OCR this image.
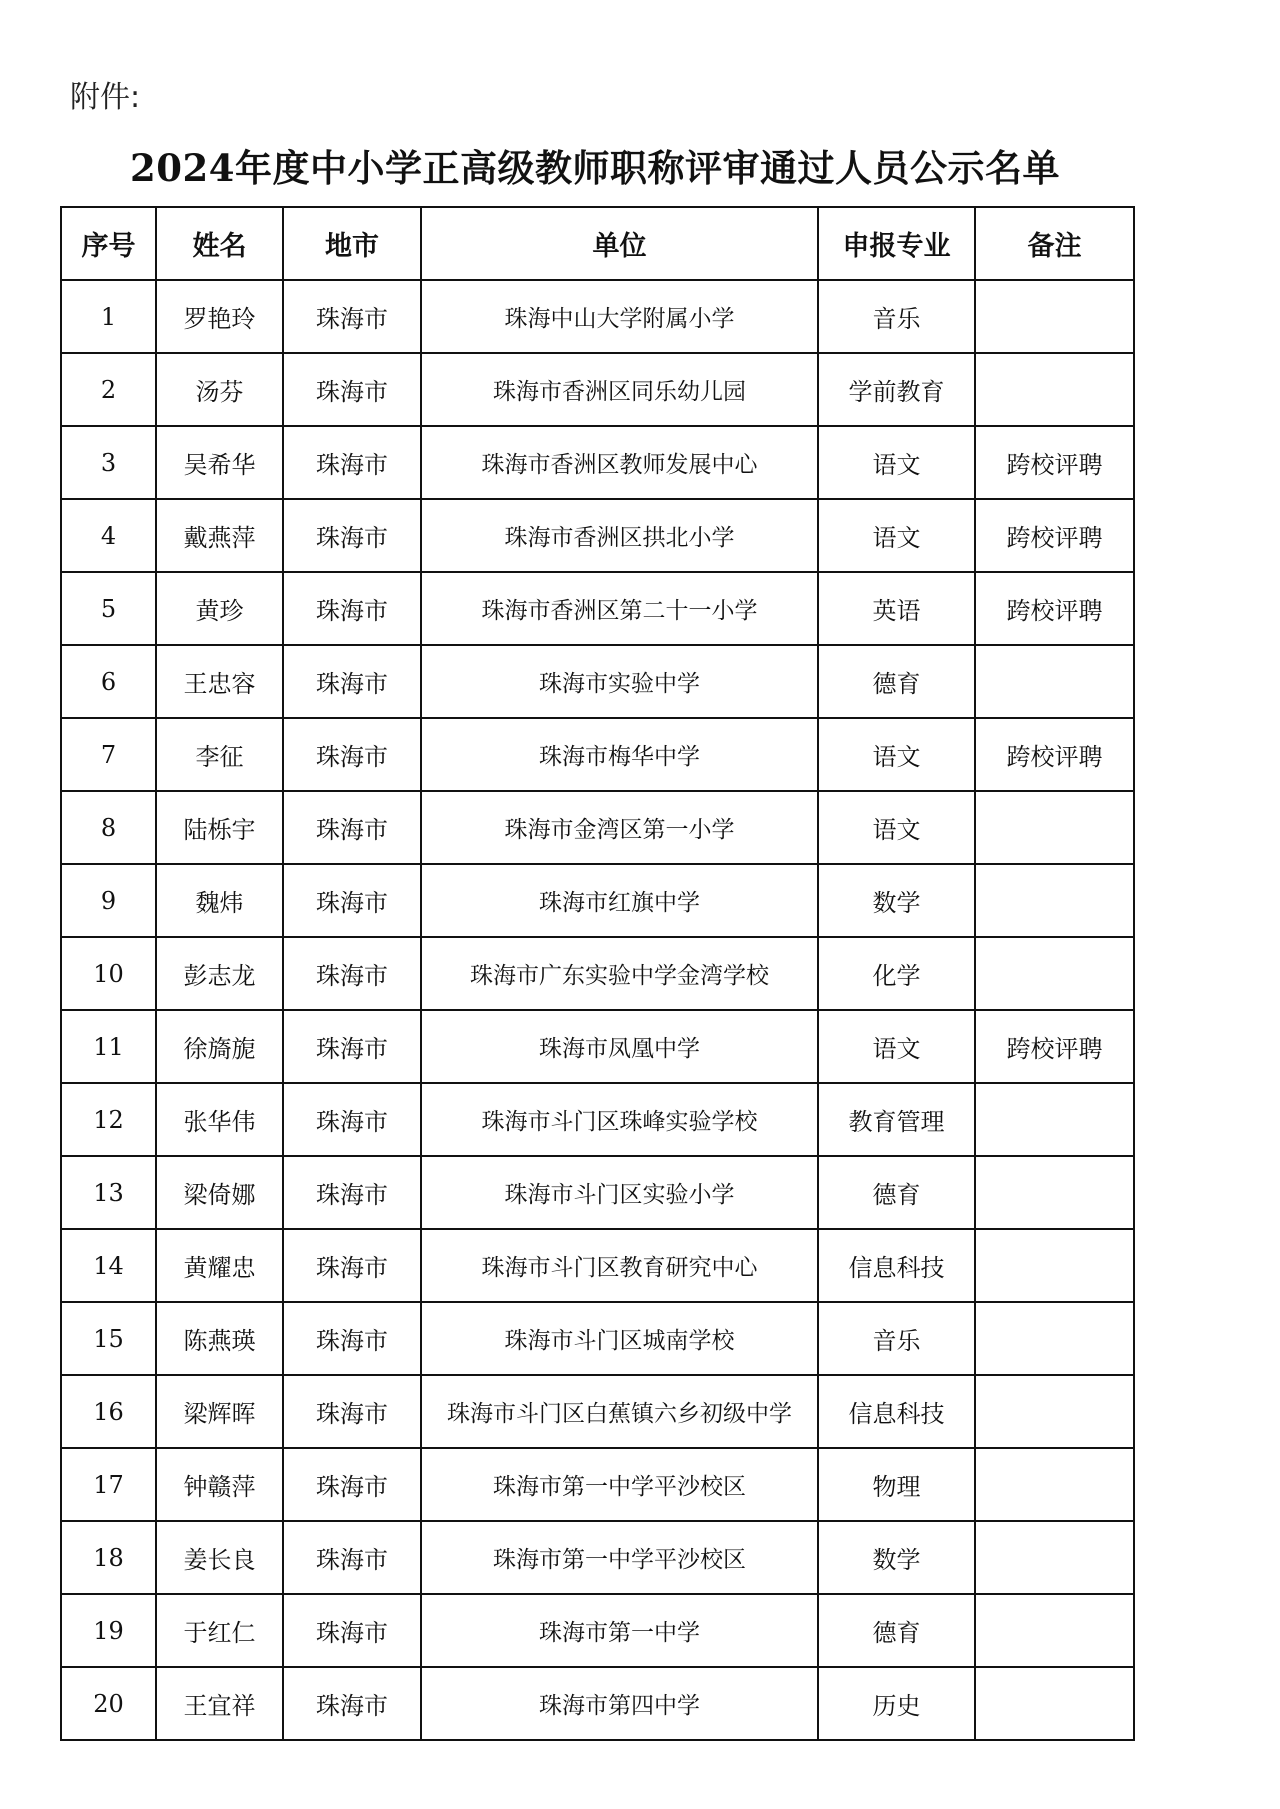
附件:
2024年度中小学正高级教师职称评审通过人员公示名单
序号	姓名	地市	单位	申报专业	备注
1	罗艳玲	珠海市	珠海中山大学附属小学	音乐	
2	汤芬	珠海市	珠海市香洲区同乐幼儿园	学前教育	
3	吴希华	珠海市	珠海市香洲区教师发展中心	语文	跨校评聘
4	戴燕萍	珠海市	珠海市香洲区拱北小学	语文	跨校评聘
5	黄珍	珠海市	珠海市香洲区第二十一小学	英语	跨校评聘
6	王忠容	珠海市	珠海市实验中学	德育	
7	李征	珠海市	珠海市梅华中学	语文	跨校评聘
8	陆栎宇	珠海市	珠海市金湾区第一小学	语文	
9	魏炜	珠海市	珠海市红旗中学	数学	
10	彭志龙	珠海市	珠海市广东实验中学金湾学校	化学	
11	徐旖旎	珠海市	珠海市凤凰中学	语文	跨校评聘
12	张华伟	珠海市	珠海市斗门区珠峰实验学校	教育管理	
13	梁倚娜	珠海市	珠海市斗门区实验小学	德育	
14	黄耀忠	珠海市	珠海市斗门区教育研究中心	信息科技	
15	陈燕瑛	珠海市	珠海市斗门区城南学校	音乐	
16	梁辉晖	珠海市	珠海市斗门区白蕉镇六乡初级中学	信息科技	
17	钟赣萍	珠海市	珠海市第一中学平沙校区	物理	
18	姜长良	珠海市	珠海市第一中学平沙校区	数学	
19	于红仁	珠海市	珠海市第一中学	德育	
20	王宜祥	珠海市	珠海市第四中学	历史	
